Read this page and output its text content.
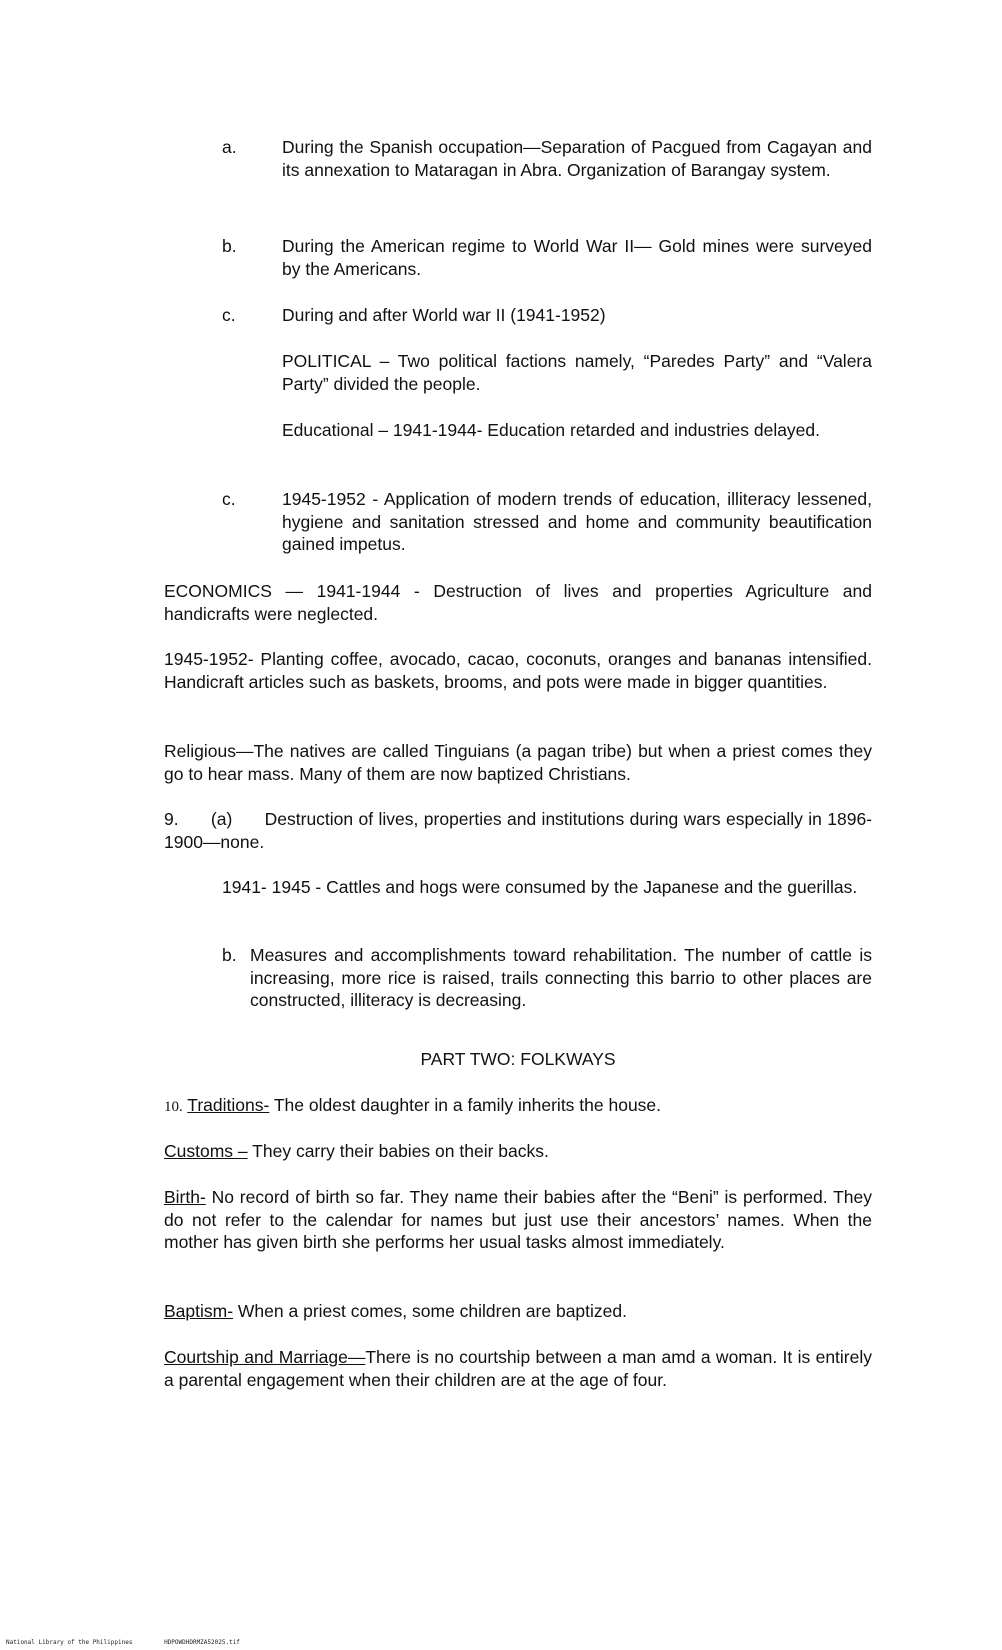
a.	During the Spanish occupation—Separation of Pacgued from Cagayan and its annexation to Mataragan in Abra. Organization of Barangay system.

b.	During the American regime to World War II— Gold mines were surveyed by the Americans.

c.	During and after World war II (1941-1952)

POLITICAL – Two political factions namely, “Paredes Party” and “Valera Party” divided the people.

Educational – 1941-1944- Education retarded and industries delayed.

c.	1945-1952 - Application of modern trends of education, illiteracy lessened, hygiene and sanitation stressed and home and community beautification gained impetus.

ECONOMICS — 1941-1944 - Destruction of lives and properties Agriculture and handicrafts were neglected.

1945-1952- Planting coffee, avocado, cacao, coconuts, oranges and bananas intensified. Handicraft articles such as baskets, brooms, and pots were made in bigger quantities.

Religious—The natives are called Tinguians (a pagan tribe) but when a priest comes they go to hear mass. Many of them are now baptized Christians.

9.      (a)      Destruction of lives, properties and institutions during wars especially in 1896-1900—none.

1941- 1945 - Cattles and hogs were consumed by the Japanese and the guerillas.

b. Measures and accomplishments toward rehabilitation. The number of cattle is increasing, more rice is raised, trails connecting this barrio to other places are constructed, illiteracy is decreasing.

PART TWO: FOLKWAYS

10. Traditions- The oldest daughter in a family inherits the house.

Customs – They carry their babies on their backs.

Birth- No record of birth so far. They name their babies after the “Beni” is performed. They do not refer to the calendar for names but just use their ancestors’ names. When the mother has given birth she performs her usual tasks almost immediately.

Baptism- When a priest comes, some children are baptized.

Courtship and Marriage—There is no courtship between a man amd a woman. It is entirely a parental engagement when their children are at the age of four.

National Library of the Philippines	HDPOWDHDRMZA52025.tif
